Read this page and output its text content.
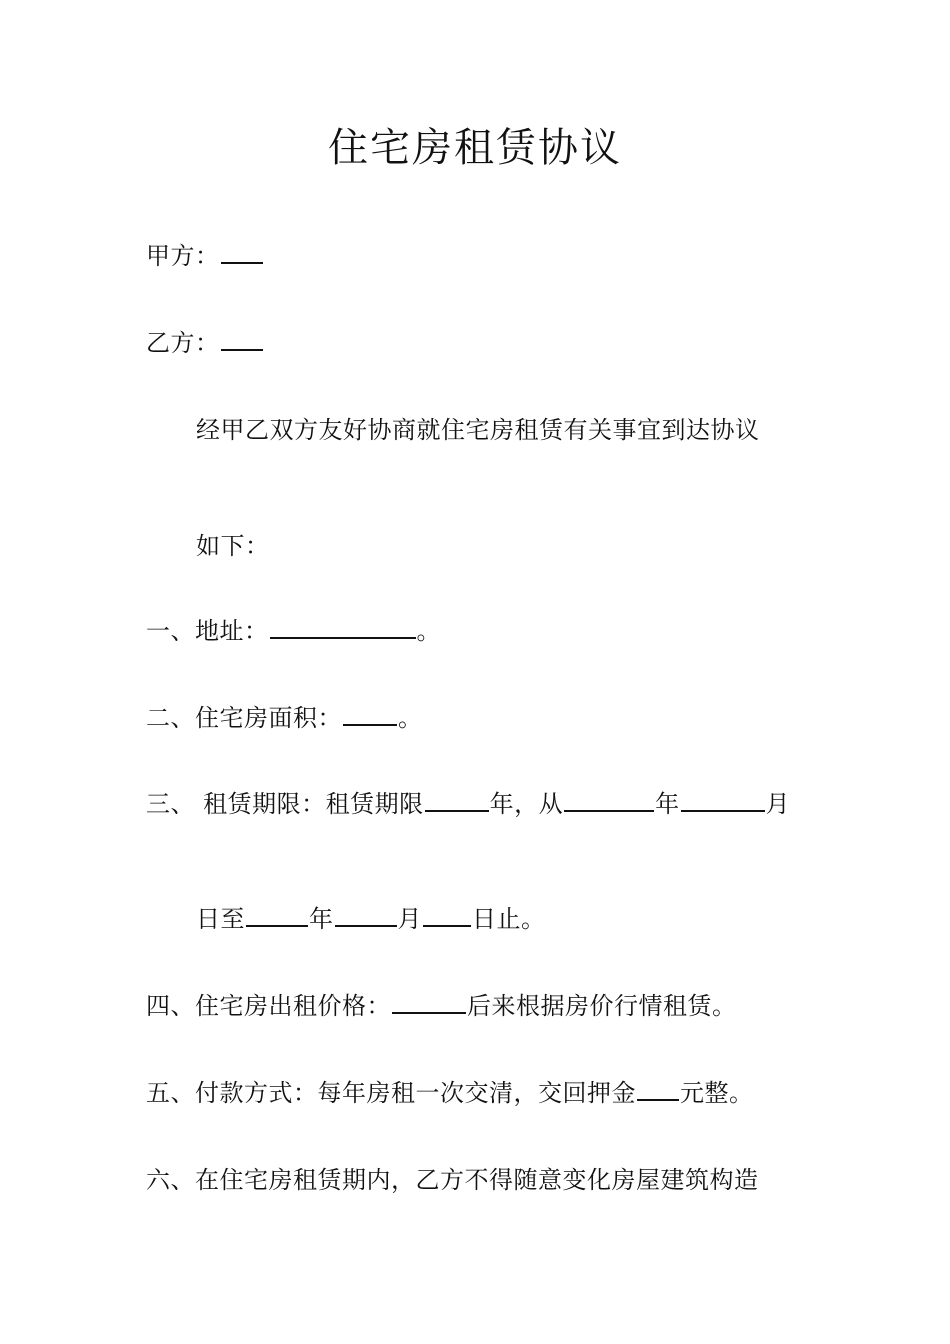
住宅房租赁协议
甲方：
乙方：
经甲乙双方友好协商就住宅房租赁有关事宜到达协议
如下：
一、地址：	。
二、住宅房面积： 。
三、 租赁期限：租赁期限	年，从	年	月
日至	年	月 日止。
四、住宅房出租价格：	后来根据房价行情租赁。
五、付款方式：每年房租一次交清，交回押金 元整。
六、在住宅房租赁期内，乙方不得随意变化房屋建筑构造
